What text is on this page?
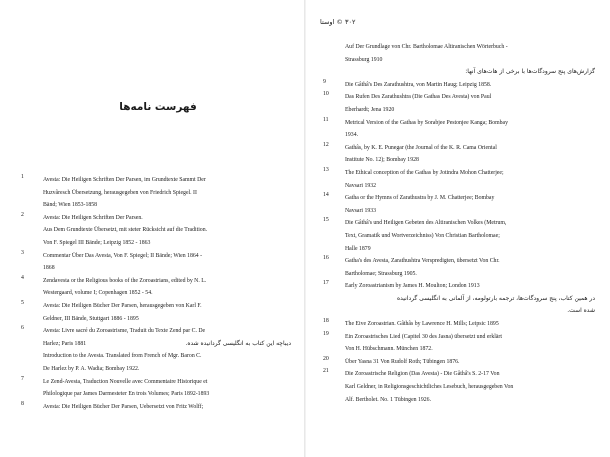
فهرست نامه‌ها
1	Avesta: Die Heiligen Schriften Der Parsen, im Grundtexte Sammt Der
Huzvâresch Übersetzung, herausgegeben von Friedrich Spiegel. II
Bänd; Wien 1853-1858
2	Avesta: Die Heiligen Schriften Der Parsen.
Aus Dem Grundtexte Übersetzt, mit steter Rücksicht auf die Tradition.
Von F. Spiegel III Bände; Leipzig 1852 - 1863
3	Commentar Über Das Avesta, Von F. Spiegel; II Bände; Wien 1864 -
1868
4	Zendavesta or the Religious books of the Zoroastrians, edited by N. L.
Westergaard, volume I; Copenhagen 1852 - 54.
5	Avesta: Die Heiligen Bücher Der Parsen, herausgegeben von Karl F.
Geldner, III Bände, Stuttgart 1886 - 1895
6	Avesta: Livre sacré du Zoroastrisme, Traduit du Texte Zend par C. De
Harlez; Paris 1881	دیباچه این کتاب به انگلیسی گردانیده شده.
Introduction to the Avesta. Translated from French of Mgr. Baron C.
De Harlez by P. A. Wadia; Bombay 1922.
7	Le Zend-Avesta, Traduction Nouvelle avec Commentaire Historique et
Philologique par James Darmesteter En trois Volumes; Paris 1892-1893
8	Avesta: Die Heiligen Bücher Der Parsen, Uebersetzt von Fritz Wolff;
۳۰۲ © اوستا
Auf Der Grundlage von Chr. Bartholomae Altiranischen Wörterbuch -
Strassburg 1910
گزارش‌های پنج سرودگات‌ها با برخی از هات‌های آنها:
9	Die Gâthâ's Des Zarathushtra, von Martin Haug; Leipzig 1858.
10	Das Rufen Des Zarathushtra (Die Gathas Des Avesta) von Paul
Eberhardt; Jena 1920
11	Metrical Version of the Gathas by Sorabjee Pestonjee Kanga; Bombay
1934.
12	Gathâs, by K. E. Punegar (the Journal of the K. R. Cama Oriental
Institute No. 12); Bombay 1928
13	The Ethical conception of the Gathas by Jotindra Mohon Chatterjee;
Navsari 1932
14	Gatha or the Hymns of Zarathustra by J. M. Chatterjee; Bombay
Navsari 1933
15	Die Gâthâ's und Heiligen Gebeten des Altiranischen Volkes (Metrum,
Text, Gramatik und Wortverzeichniss) Von Christian Bartholomae;
Halle 1879
16	Gatha's des Avesta, Zarathushtra Verspredigten, übersetzt Von Chr.
Bartholomae; Strassburg 1905.
17	Early Zoroastrianism by James H. Moulton; London 1913
در همین کتاب، پنج سرودگات‌ها، ترجمه بارتولومه، از آلمانی به انگلیسی گردانیده
شده است.
18	The Eive Zoroastrian. Gâthâs by Lawrence H. Mills; Leipsic 1895
19	Ein Zoroastrisches Lied (Capitel 30 des Jasna) übersetzt und erklärt
Von H. Hübschmann. München 1872.
20	Über Yasna 31 Von Rudolf Roth; Tübingen 1876.
21	Die Zoroastrische Religion (Das Avesta) - Die Gâthâ's S. 2-17 Von
Karl Geldner, in Religionsgeschichtliches Lesebuch, herausgegeben Von
Alf. Bertholet. No. 1 Tübingen 1926.
